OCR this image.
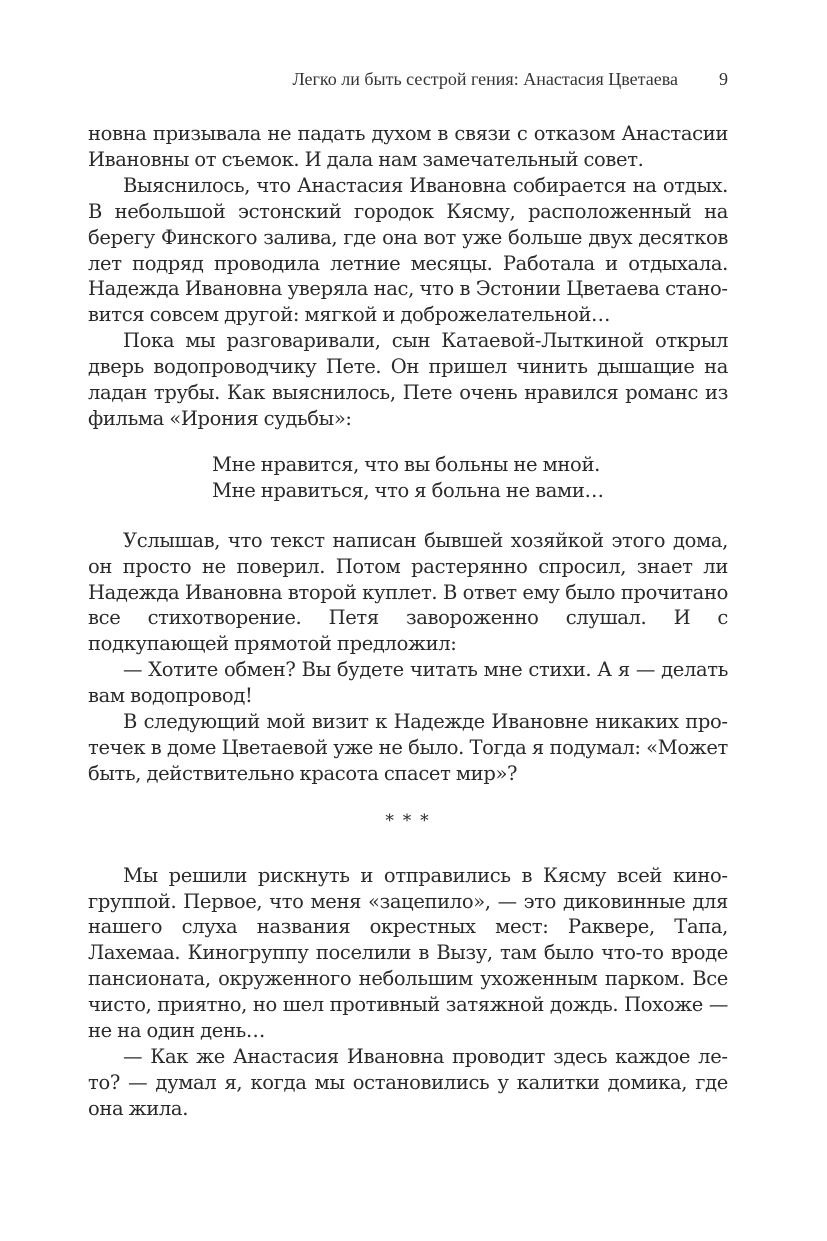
Легко ли быть сестрой гения: Анастасия Цветаева 9

новна призывала не падать духом в связи с отказом Анастасии Ивановны от съемок. И дала нам замечательный совет.

Выяснилось, что Анастасия Ивановна собирается на отдых. В небольшой эстонский городок Кясму, расположенный на берегу Финского залива, где она вот уже больше двух десятков лет подряд проводила летние месяцы. Работала и отдыхала. Надежда Ивановна уверяла нас, что в Эстонии Цветаева становится совсем другой: мягкой и доброжелательной…

Пока мы разговаривали, сын Катаевой-Лыткиной открыл дверь водопроводчику Пете. Он пришел чинить дышащие на ладан трубы. Как выяснилось, Пете очень нравился романс из фильма «Ирония судьбы»:

Мне нравится, что вы больны не мной.
Мне нравиться, что я больна не вами…

Услышав, что текст написан бывшей хозяйкой этого дома, он просто не поверил. Потом растерянно спросил, знает ли Надежда Ивановна второй куплет. В ответ ему было прочитано все стихотворение. Петя завороженно слушал. И с подкупающей прямотой предложил:

— Хотите обмен? Вы будете читать мне стихи. А я — делать вам водопровод!

В следующий мой визит к Надежде Ивановне никаких протечек в доме Цветаевой уже не было. Тогда я подумал: «Может быть, действительно красота спасет мир»?

* * *

Мы решили рискнуть и отправились в Кясму всей киногруппой. Первое, что меня «зацепило», — это диковинные для нашего слуха названия окрестных мест: Раквере, Тапа, Лахемаа. Киногруппу поселили в Вызу, там было что-то вроде пансионата, окруженного небольшим ухоженным парком. Все чисто, приятно, но шел противный затяжной дождь. Похоже — не на один день…

— Как же Анастасия Ивановна проводит здесь каждое лето? — думал я, когда мы остановились у калитки домика, где она жила.
